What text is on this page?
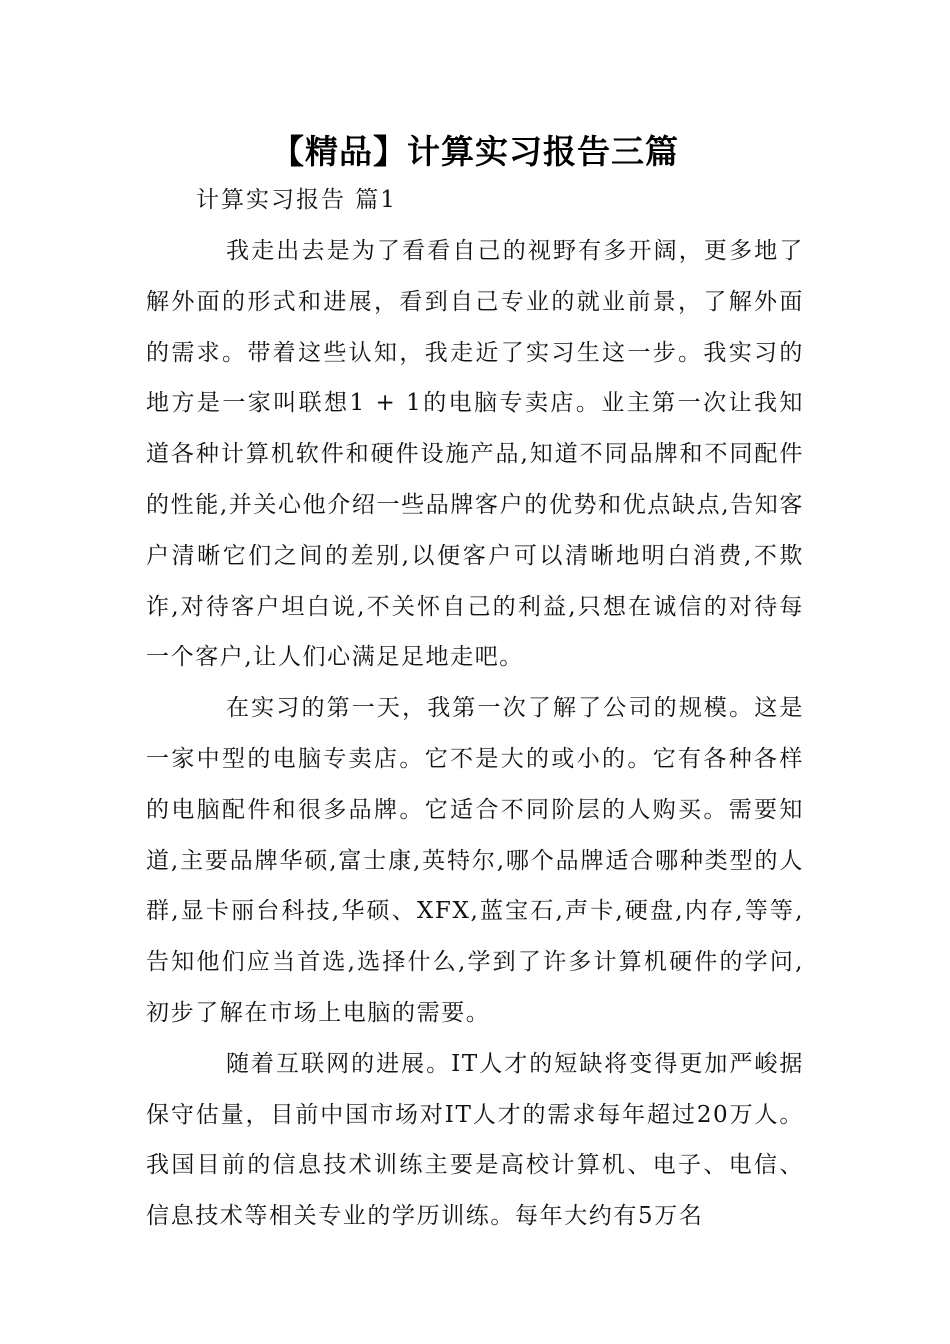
【精品】计算实习报告三篇
计算实习报告 篇1

我走出去是为了看看自己的视野有多开阔，更多地了解外面的形式和进展，看到自己专业的就业前景，了解外面的需求。带着这些认知，我走近了实习生这一步。我实习的地方是一家叫联想1 + 1的电脑专卖店。业主第一次让我知道各种计算机软件和硬件设施产品,知道不同品牌和不同配件的性能,并关心他介绍一些品牌客户的优势和优点缺点,告知客户清晰它们之间的差别,以便客户可以清晰地明白消费,不欺诈,对待客户坦白说,不关怀自己的利益,只想在诚信的对待每一个客户,让人们心满足足地走吧。

在实习的第一天，我第一次了解了公司的规模。这是一家中型的电脑专卖店。它不是大的或小的。它有各种各样的电脑配件和很多品牌。它适合不同阶层的人购买。需要知道,主要品牌华硕,富士康,英特尔,哪个品牌适合哪种类型的人群,显卡丽台科技,华硕、XFX,蓝宝石,声卡,硬盘,内存,等等,告知他们应当首选,选择什么,学到了许多计算机硬件的学问,初步了解在市场上电脑的需要。

随着互联网的进展。IT人才的短缺将变得更加严峻据保守估量，目前中国市场对IT人才的需求每年超过20万人。我国目前的信息技术训练主要是高校计算机、电子、电信、信息技术等相关专业的学历训练。每年大约有5万名
